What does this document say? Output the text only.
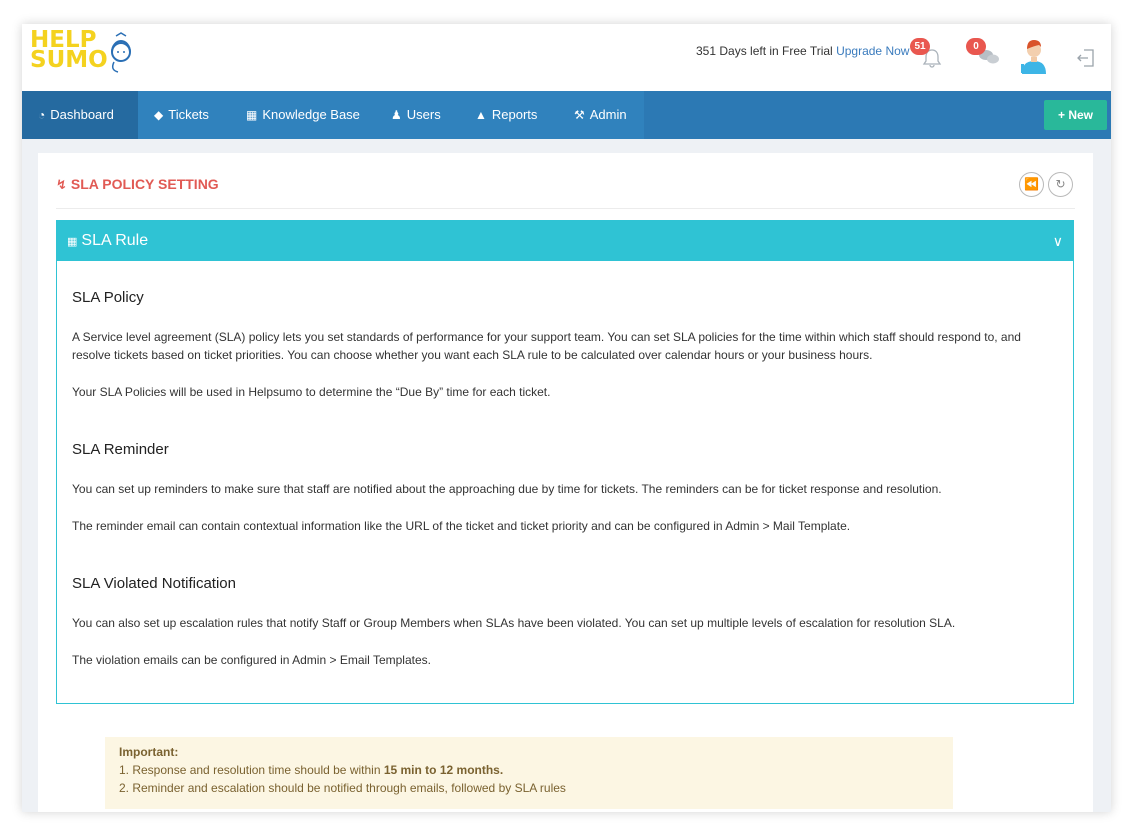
HELP
SUMO	351 Days left in Free Trial Upgrade Now 51	0
◔ Dashboard	◆ Tickets	▦ Knowledge Base	♟ Users	▲ Reports	⚒ Admin	+ New
↯ SLA POLICY SETTING	⏪	↻
▦ SLA Rule	∨
SLA Policy
A Service level agreement (SLA) policy lets you set standards of performance for your support team. You can set SLA policies for the time within which staff should respond to, and resolve tickets based on ticket priorities. You can choose whether you want each SLA rule to be calculated over calendar hours or your business hours.
Your SLA Policies will be used in Helpsumo to determine the “Due By” time for each ticket.
SLA Reminder
You can set up reminders to make sure that staff are notified about the approaching due by time for tickets. The reminders can be for ticket response and resolution.
The reminder email can contain contextual information like the URL of the ticket and ticket priority and can be configured in Admin > Mail Template.
SLA Violated Notification
You can also set up escalation rules that notify Staff or Group Members when SLAs have been violated. You can set up multiple levels of escalation for resolution SLA.
The violation emails can be configured in Admin > Email Templates.
Important:
1. Response and resolution time should be within 15 min to 12 months.
2. Reminder and escalation should be notified through emails, followed by SLA rules
